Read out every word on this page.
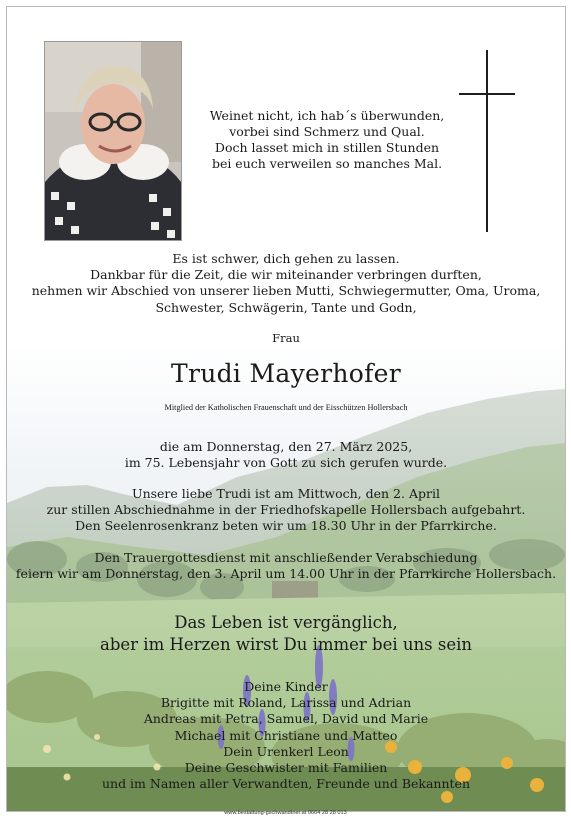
Weinet nicht, ich hab´s überwunden,
vorbei sind Schmerz und Qual.
Doch lasset mich in stillen Stunden
bei euch verweilen so manches Mal.
Es ist schwer, dich gehen zu lassen.
Dankbar für die Zeit, die wir miteinander verbringen durften,
nehmen wir Abschied von unserer lieben Mutti, Schwiegermutter, Oma, Uroma,
Schwester, Schwägerin, Tante und Godn,
Frau
Trudi Mayerhofer
Mitglied der Katholischen Frauenschaft und der Eisschützen Hollersbach
die am Donnerstag, den 27. März 2025,
im 75. Lebensjahr von Gott zu sich gerufen wurde.
Unsere liebe Trudi ist am Mittwoch, den 2. April
zur stillen Abschiednahme in der Friedhofskapelle Hollersbach aufgebahrt.
Den Seelenrosenkranz beten wir um 18.30 Uhr in der Pfarrkirche.
Den Trauergottesdienst mit anschließender Verabschiedung
feiern wir am Donnerstag, den 3. April um 14.00 Uhr in der Pfarrkirche Hollersbach.
Das Leben ist vergänglich,
aber im Herzen wirst Du immer bei uns sein
Deine Kinder
Brigitte mit Roland, Larissa und Adrian
Andreas mit Petra, Samuel, David und Marie
Michael mit Christiane und Matteo
Dein Urenkerl Leon
Deine Geschwister mit Familien
und im Namen aller Verwandten, Freunde und Bekannten
www.bestattung-gschwandtner.at 0664 28 28 013
